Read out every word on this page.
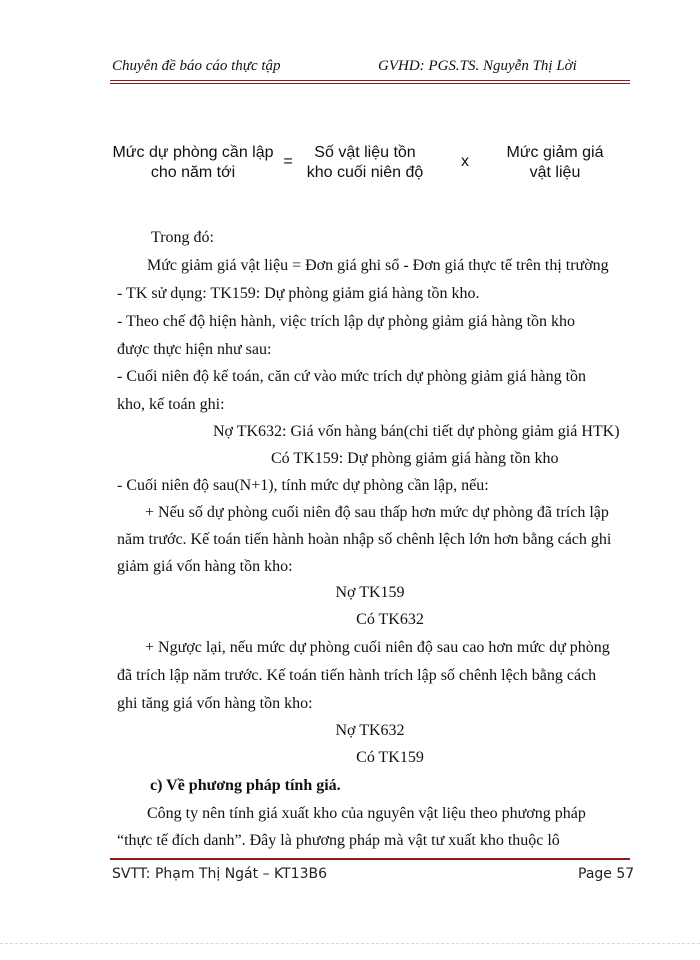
Chuyên đề báo cáo thực tập	GVHD: PGS.TS. Nguyễn Thị Lời
Mức dự phòng cần lập
cho năm tới
=
Số vật liệu tồn
kho cuối niên độ
x
Mức giảm giá
vật liệu
Trong đó:
Mức giảm giá vật liệu = Đơn giá ghi sổ - Đơn giá thực tế trên thị trường
- TK sử dụng: TK159: Dự phòng giảm giá hàng tồn kho.
- Theo chế độ hiện hành, việc trích lập dự phòng giảm giá hàng tồn kho
được thực hiện như sau:
- Cuối niên độ kế toán, căn cứ vào mức trích dự phòng giảm giá hàng tồn
kho, kế toán ghi:
Nợ TK632: Giá vốn hàng bán(chi tiết dự phòng giảm giá HTK)
Có TK159: Dự phòng giảm giá hàng tồn kho
- Cuối niên độ sau(N+1), tính mức dự phòng cần lập, nếu:
+ Nếu số dự phòng cuối niên độ sau thấp hơn mức dự phòng đã trích lập
năm trước. Kế toán tiến hành hoàn nhập số chênh lệch lớn hơn bằng cách ghi
giảm giá vốn hàng tồn kho:
Nợ TK159
Có TK632
+ Ngược lại, nếu mức dự phòng cuối niên độ sau cao hơn mức dự phòng
đã trích lập năm trước. Kế toán tiến hành trích lập số chênh lệch bằng cách
ghi tăng giá vốn hàng tồn kho:
Nợ TK632
Có TK159
c) Về phương pháp tính giá.
Công ty nên tính giá xuất kho của nguyên vật liệu theo phương pháp
“thực tế đích danh”. Đây là phương pháp mà vật tư xuất kho thuộc lô
SVTT: Phạm Thị Ngát – KT13B6	Page 57
